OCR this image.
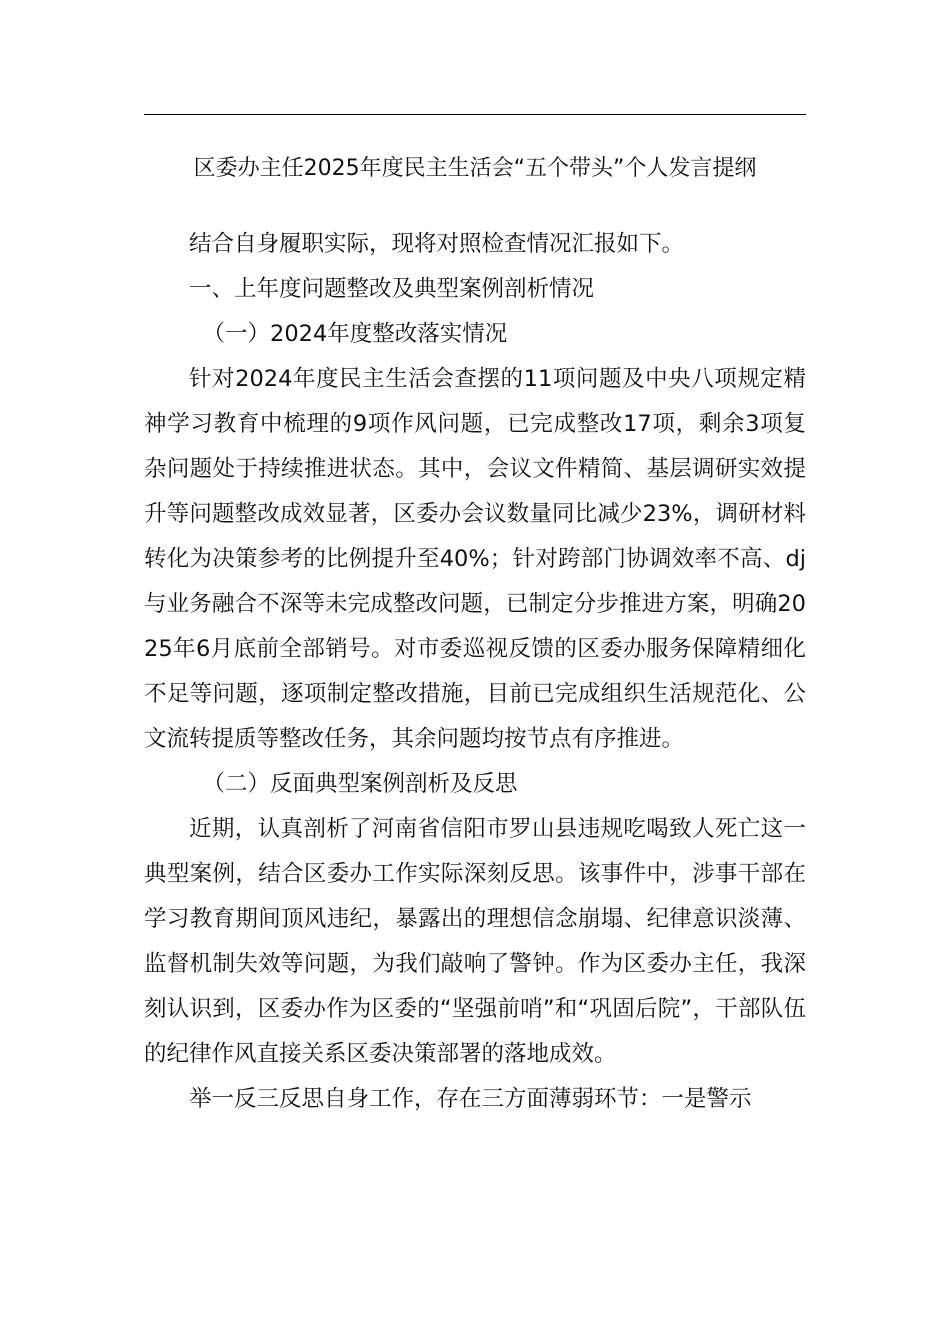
区委办主任2025年度民主生活会“五个带头”个人发言提纲

结合自身履职实际，现将对照检查情况汇报如下。

一、上年度问题整改及典型案例剖析情况

（一）2024年度整改落实情况

针对2024年度民主生活会查摆的11项问题及中央八项规定精神学习教育中梳理的9项作风问题，已完成整改17项，剩余3项复杂问题处于持续推进状态。其中，会议文件精简、基层调研实效提升等问题整改成效显著，区委办会议数量同比减少23%，调研材料转化为决策参考的比例提升至40%；针对跨部门协调效率不高、dj与业务融合不深等未完成整改问题，已制定分步推进方案，明确2025年6月底前全部销号。对市委巡视反馈的区委办服务保障精细化不足等问题，逐项制定整改措施，目前已完成组织生活规范化、公文流转提质等整改任务，其余问题均按节点有序推进。

（二）反面典型案例剖析及反思

近期，认真剖析了河南省信阳市罗山县违规吃喝致人死亡这一典型案例，结合区委办工作实际深刻反思。该事件中，涉事干部在学习教育期间顶风违纪，暴露出的理想信念崩塌、纪律意识淡薄、监督机制失效等问题，为我们敲响了警钟。作为区委办主任，我深刻认识到，区委办作为区委的“坚强前哨”和“巩固后院”，干部队伍的纪律作风直接关系区委决策部署的落地成效。

举一反三反思自身工作，存在三方面薄弱环节：一是警示
